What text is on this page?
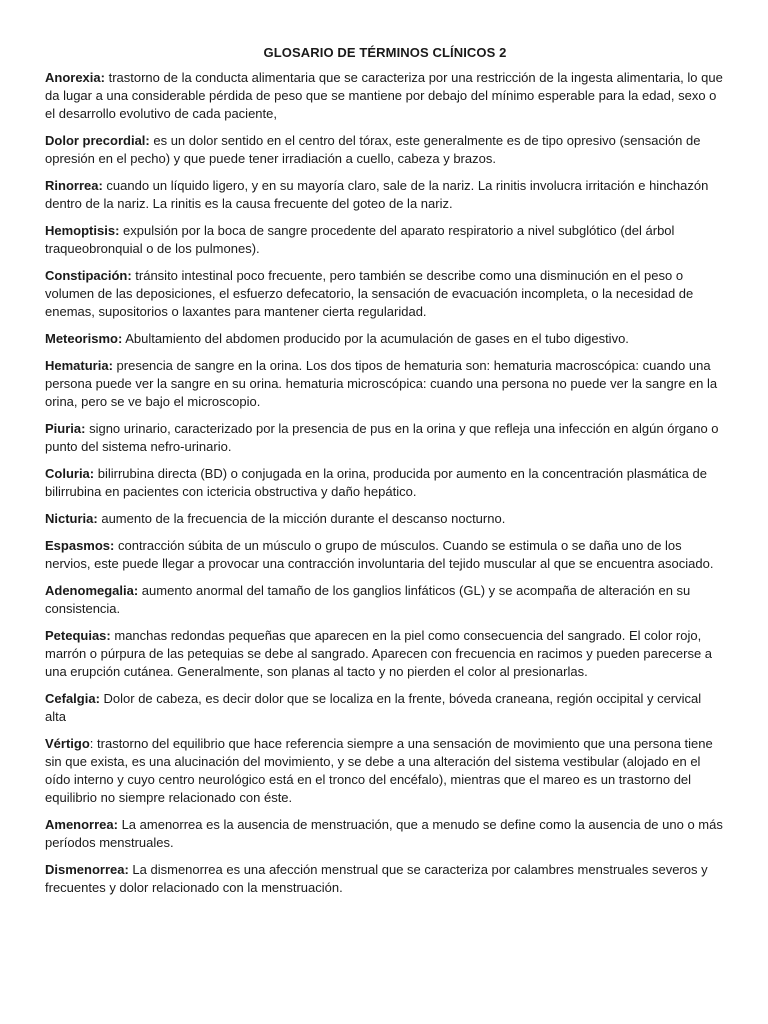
GLOSARIO DE TÉRMINOS CLÍNICOS 2

Anorexia: trastorno de la conducta alimentaria que se caracteriza por una restricción de la ingesta alimentaria, lo que da lugar a una considerable pérdida de peso que se mantiene por debajo del mínimo esperable para la edad, sexo o el desarrollo evolutivo de cada paciente,

Dolor precordial: es un dolor sentido en el centro del tórax, este generalmente es de tipo opresivo (sensación de opresión en el pecho) y que puede tener irradiación a cuello, cabeza y brazos.

Rinorrea: cuando un líquido ligero, y en su mayoría claro, sale de la nariz. La rinitis involucra irritación e hinchazón dentro de la nariz. La rinitis es la causa frecuente del goteo de la nariz.

Hemoptisis: expulsión por la boca de sangre procedente del aparato respiratorio a nivel subglótico (del árbol traqueobronquial o de los pulmones).

Constipación: tránsito intestinal poco frecuente, pero también se describe como una disminución en el peso o volumen de las deposiciones, el esfuerzo defecatorio, la sensación de evacuación incompleta, o la necesidad de enemas, supositorios o laxantes para mantener cierta regularidad.

Meteorismo: Abultamiento del abdomen producido por la acumulación de gases en el tubo digestivo.

Hematuria: presencia de sangre en la orina. Los dos tipos de hematuria son: hematuria macroscópica: cuando una persona puede ver la sangre en su orina. hematuria microscópica: cuando una persona no puede ver la sangre en la orina, pero se ve bajo el microscopio.

Piuria: signo urinario, caracterizado por la presencia de pus en la orina y que refleja una infección en algún órgano o punto del sistema nefro-urinario.

Coluria: bilirrubina directa (BD) o conjugada en la orina, producida por aumento en la concentración plasmática de bilirrubina en pacientes con ictericia obstructiva y daño hepático.

Nicturia: aumento de la frecuencia de la micción durante el descanso nocturno.

Espasmos: contracción súbita de un músculo o grupo de músculos. Cuando se estimula o se daña uno de los nervios, este puede llegar a provocar una contracción involuntaria del tejido muscular al que se encuentra asociado.

Adenomegalia: aumento anormal del tamaño de los ganglios linfáticos (GL) y se acompaña de alteración en su consistencia.

Petequias: manchas redondas pequeñas que aparecen en la piel como consecuencia del sangrado. El color rojo, marrón o púrpura de las petequias se debe al sangrado. Aparecen con frecuencia en racimos y pueden parecerse a una erupción cutánea. Generalmente, son planas al tacto y no pierden el color al presionarlas.

Cefalgia: Dolor de cabeza, es decir dolor que se localiza en la frente, bóveda craneana, región occipital y cervical alta

Vértigo: trastorno del equilibrio que hace referencia siempre a una sensación de movimiento que una persona tiene sin que exista, es una alucinación del movimiento, y se debe a una alteración del sistema vestibular (alojado en el oído interno y cuyo centro neurológico está en el tronco del encéfalo), mientras que el mareo es un trastorno del equilibrio no siempre relacionado con éste.

Amenorrea: La amenorrea es la ausencia de menstruación, que a menudo se define como la ausencia de uno o más períodos menstruales.

Dismenorrea: La dismenorrea es una afección menstrual que se caracteriza por calambres menstruales severos y frecuentes y dolor relacionado con la menstruación.
